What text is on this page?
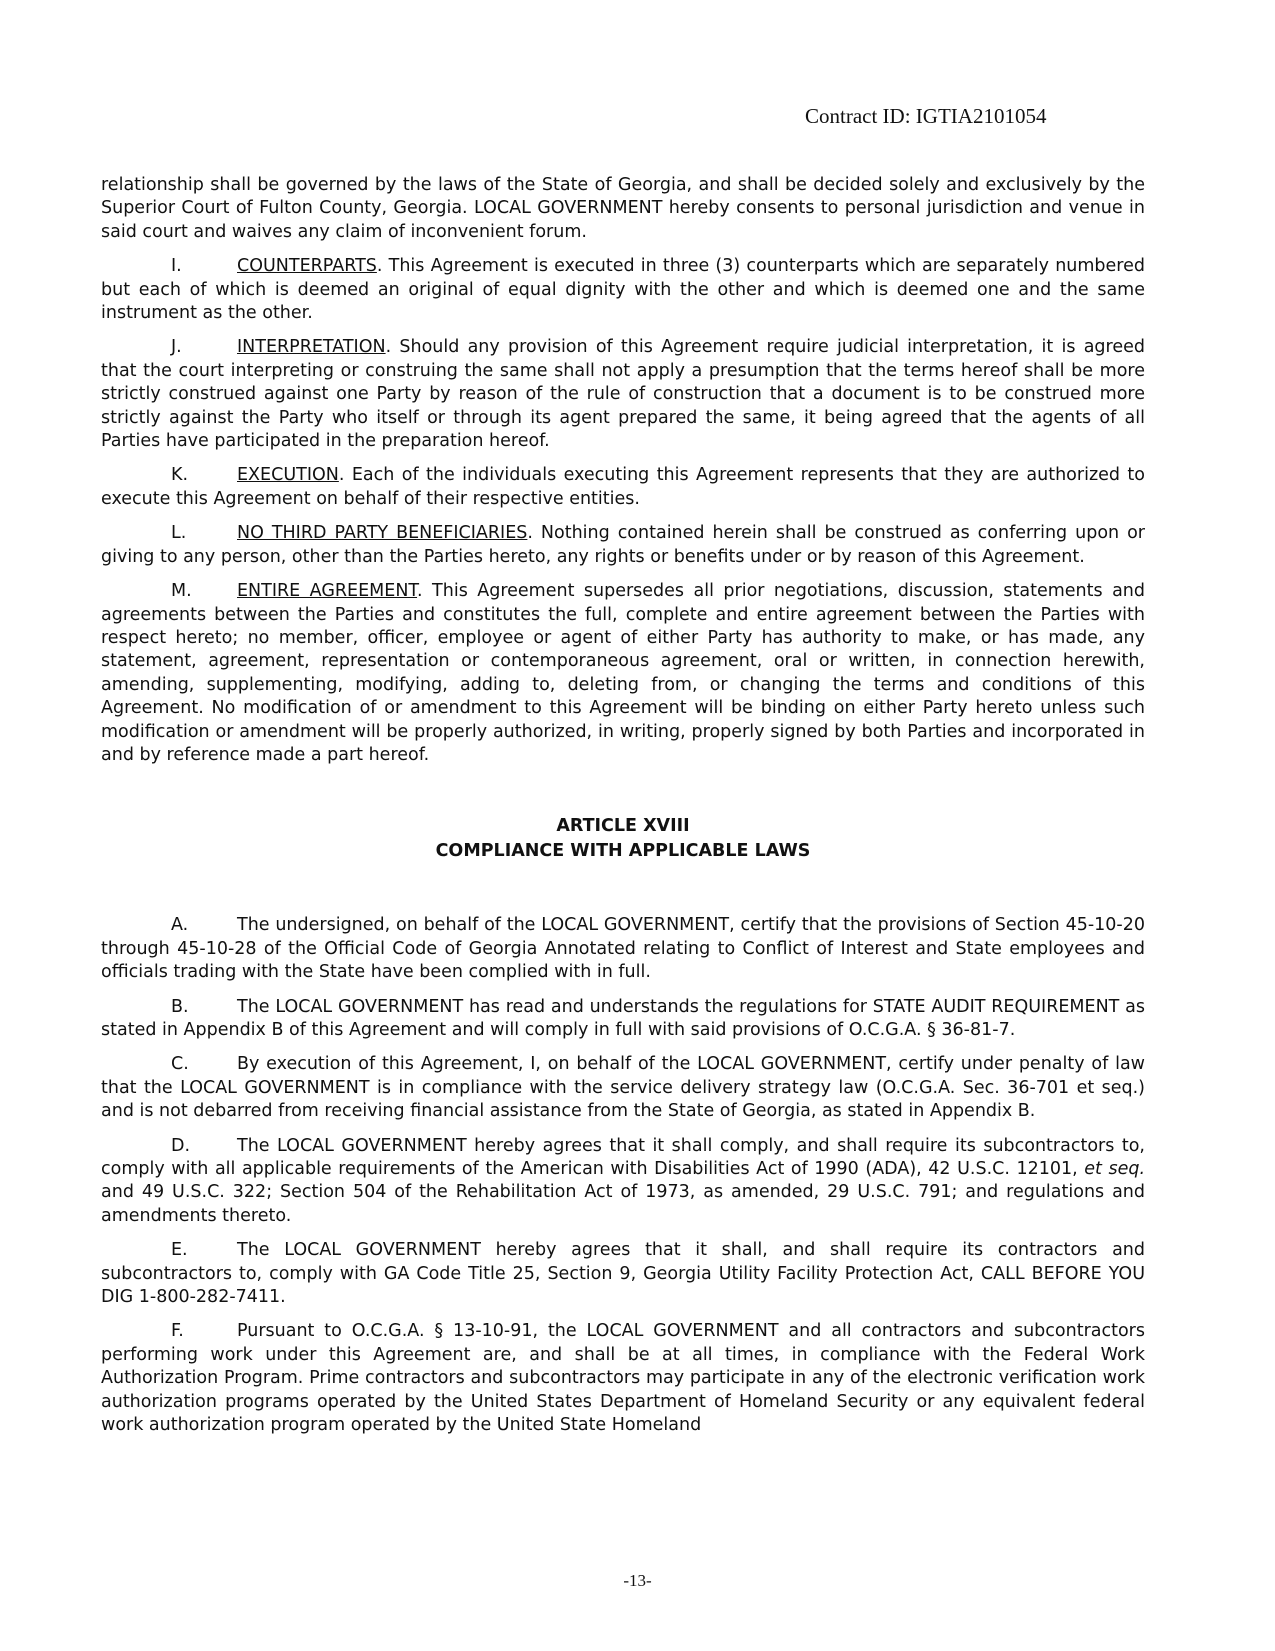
Contract ID: IGTIA2101054

relationship shall be governed by the laws of the State of Georgia, and shall be decided solely and exclusively by the Superior Court of Fulton County, Georgia. LOCAL GOVERNMENT hereby consents to personal jurisdiction and venue in said court and waives any claim of inconvenient forum.

I.	COUNTERPARTS. This Agreement is executed in three (3) counterparts which are separately numbered but each of which is deemed an original of equal dignity with the other and which is deemed one and the same instrument as the other.

J.	INTERPRETATION. Should any provision of this Agreement require judicial interpretation, it is agreed that the court interpreting or construing the same shall not apply a presumption that the terms hereof shall be more strictly construed against one Party by reason of the rule of construction that a document is to be construed more strictly against the Party who itself or through its agent prepared the same, it being agreed that the agents of all Parties have participated in the preparation hereof.

K.	EXECUTION. Each of the individuals executing this Agreement represents that they are authorized to execute this Agreement on behalf of their respective entities.

L.	NO THIRD PARTY BENEFICIARIES. Nothing contained herein shall be construed as conferring upon or giving to any person, other than the Parties hereto, any rights or benefits under or by reason of this Agreement.

M.	ENTIRE AGREEMENT. This Agreement supersedes all prior negotiations, discussion, statements and agreements between the Parties and constitutes the full, complete and entire agreement between the Parties with respect hereto; no member, officer, employee or agent of either Party has authority to make, or has made, any statement, agreement, representation or contemporaneous agreement, oral or written, in connection herewith, amending, supplementing, modifying, adding to, deleting from, or changing the terms and conditions of this Agreement. No modification of or amendment to this Agreement will be binding on either Party hereto unless such modification or amendment will be properly authorized, in writing, properly signed by both Parties and incorporated in and by reference made a part hereof.

ARTICLE XVIII
COMPLIANCE WITH APPLICABLE LAWS

A.	The undersigned, on behalf of the LOCAL GOVERNMENT, certify that the provisions of Section 45-10-20 through 45-10-28 of the Official Code of Georgia Annotated relating to Conflict of Interest and State employees and officials trading with the State have been complied with in full.

B.	The LOCAL GOVERNMENT has read and understands the regulations for STATE AUDIT REQUIREMENT as stated in Appendix B of this Agreement and will comply in full with said provisions of O.C.G.A. § 36-81-7.

C.	By execution of this Agreement, I, on behalf of the LOCAL GOVERNMENT, certify under penalty of law that the LOCAL GOVERNMENT is in compliance with the service delivery strategy law (O.C.G.A. Sec. 36-701 et seq.) and is not debarred from receiving financial assistance from the State of Georgia, as stated in Appendix B.

D.	The LOCAL GOVERNMENT hereby agrees that it shall comply, and shall require its subcontractors to, comply with all applicable requirements of the American with Disabilities Act of 1990 (ADA), 42 U.S.C. 12101, et seq. and 49 U.S.C. 322; Section 504 of the Rehabilitation Act of 1973, as amended, 29 U.S.C. 791; and regulations and amendments thereto.

E.	The LOCAL GOVERNMENT hereby agrees that it shall, and shall require its contractors and subcontractors to, comply with GA Code Title 25, Section 9, Georgia Utility Facility Protection Act, CALL BEFORE YOU DIG 1-800-282-7411.

F.	Pursuant to O.C.G.A. § 13-10-91, the LOCAL GOVERNMENT and all contractors and subcontractors performing work under this Agreement are, and shall be at all times, in compliance with the Federal Work Authorization Program. Prime contractors and subcontractors may participate in any of the electronic verification work authorization programs operated by the United States Department of Homeland Security or any equivalent federal work authorization program operated by the United State Homeland

-13-
